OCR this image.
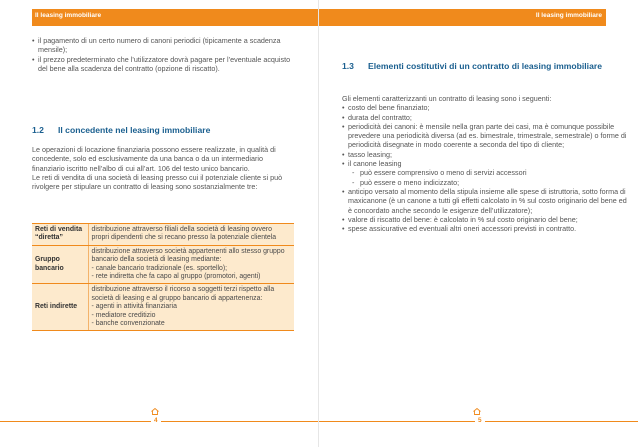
Il leasing immobiliare
• il pagamento di un certo numero di canoni periodici (tipicamente a scadenza mensile);
• il prezzo predeterminato che l’utilizzatore dovrà pagare per l’eventuale acquisto del bene alla scadenza del contratto (opzione di riscatto).
1.2	Il concedente nel leasing immobiliare

Le operazioni di locazione finanziaria possono essere realizzate, in qualità di concedente, solo ed esclusivamente da una banca o da un intermediario finanziario iscritto nell’albo di cui all’art. 106 del testo unico bancario.

Le reti di vendita di una società di leasing presso cui il potenziale cliente si può rivolgere per stipulare un contratto di leasing sono sostanzialmente tre:

Reti di vendita “diretta”	distribuzione attraverso filiali della società di leasing ovvero propri dipendenti che si recano presso la potenziale clientela

Gruppo bancario	distribuzione attraverso società appartenenti allo stesso gruppo bancario della società di leasing mediante:
- canale bancario tradizionale (es. sportello);
- rete indiretta che fa capo al gruppo (promotori, agenti)

Reti indirette	distribuzione attraverso il ricorso a soggetti terzi rispetto alla società di leasing e al gruppo bancario di appartenenza:
- agenti in attività finanziaria
- mediatore creditizio
- banche convenzionate
4
Il leasing immobiliare
1.3	Elementi costitutivi di un contratto di leasing immobiliare

Gli elementi caratterizzanti un contratto di leasing sono i seguenti:

• costo del bene finanziato;
• durata del contratto;
• periodicità dei canoni: è mensile nella gran parte dei casi, ma è comunque possibile prevedere una periodicità diversa (ad es. bimestrale, trimestrale, semestrale) o forme di periodicità disegnate in modo coerente a seconda del tipo di cliente;
• tasso leasing;
• il canone leasing
- può essere comprensivo o meno di servizi accessori
- può essere o meno indicizzato;
• anticipo versato al momento della stipula insieme alle spese di istruttoria, sotto forma di maxicanone (è un canone a tutti gli effetti calcolato in % sul costo originario del bene ed è concordato anche secondo le esigenze dell’utilizzatore);
• valore di riscatto del bene: è calcolato in % sul costo originario del bene;
• spese assicurative ed eventuali altri oneri accessori previsti in contratto.
5
